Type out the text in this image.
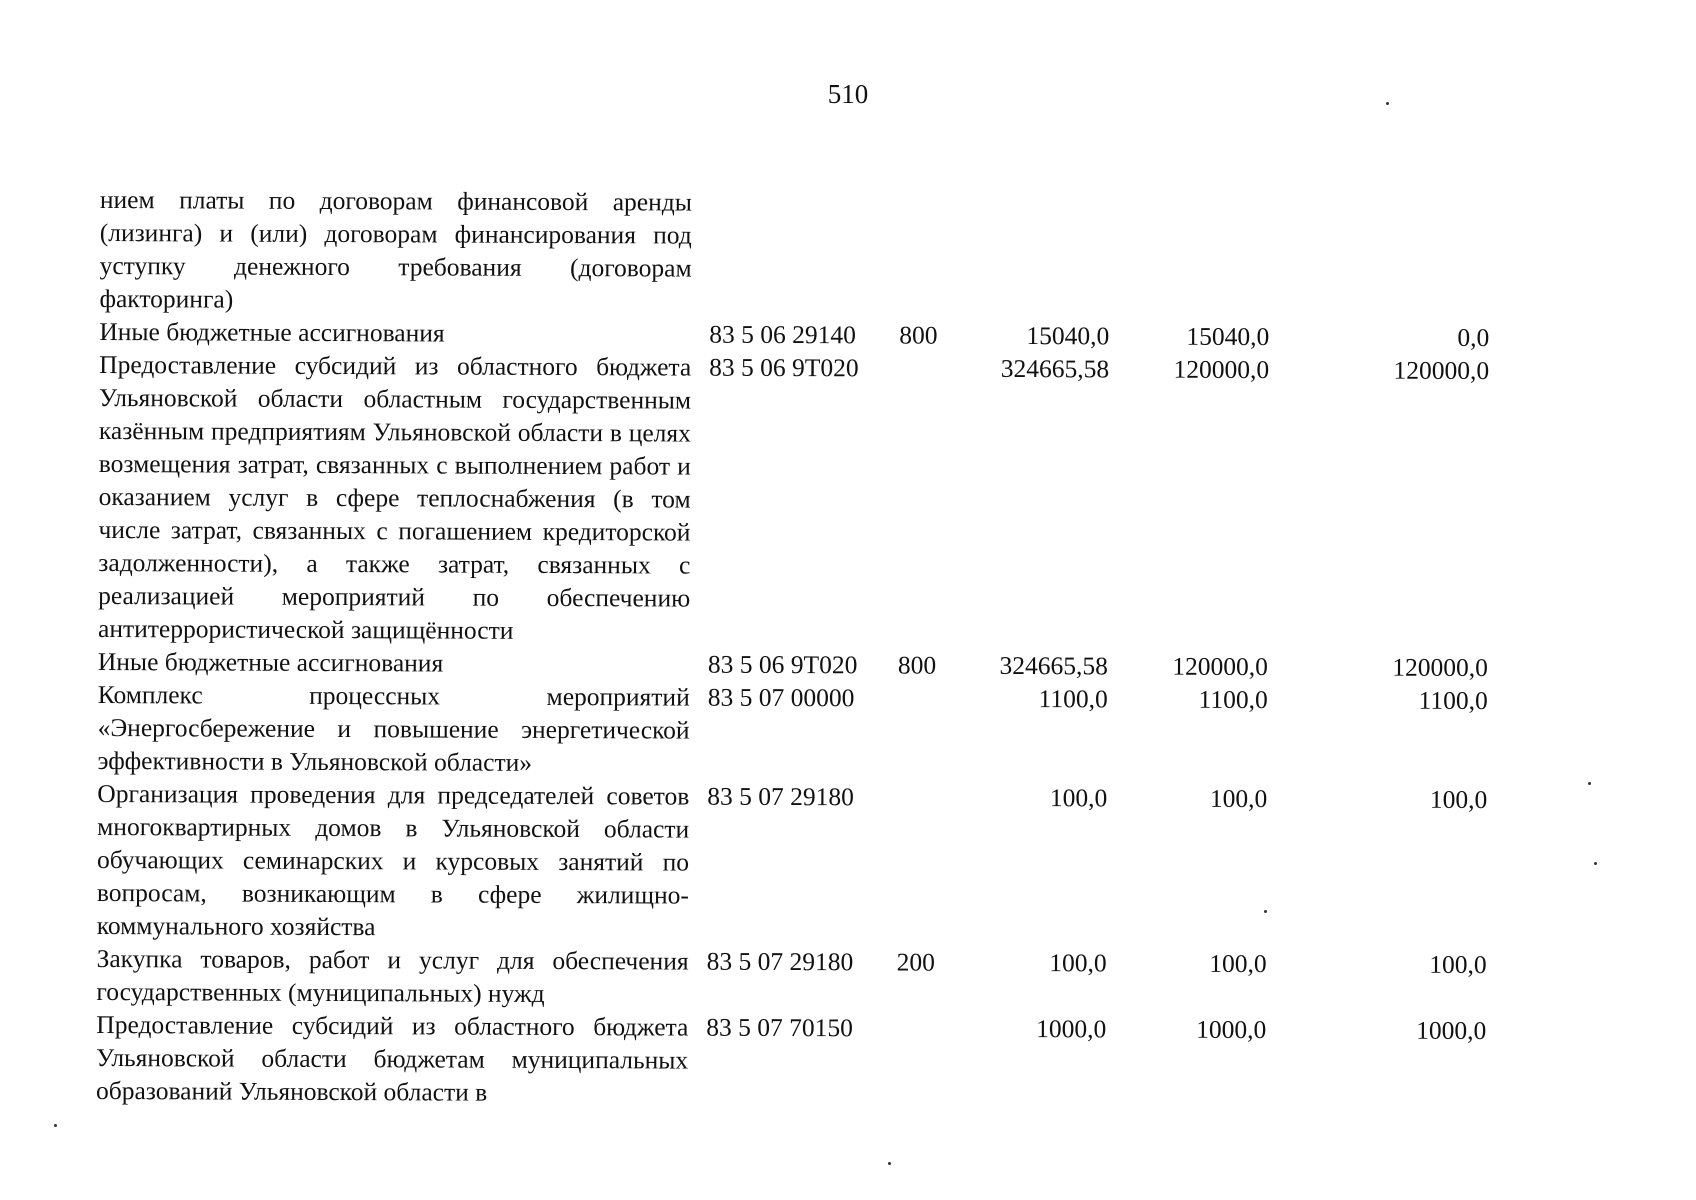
510
нием платы по договорам финансовой аренды (лизинга) и (или) договорам финансирования под уступку денежного требования (договорам факторинга)					
Иные бюджетные ассигнования	83 5 06 29140	800	15040,0	15040,0	0,0
Предоставление субсидий из областного бюджета Ульяновской области областным государственным казённым предприятиям Ульяновской области в целях возмещения затрат, связанных с выполнением работ и оказанием услуг в сфере теплоснабжения (в том числе затрат, связанных с погашением кредиторской задолженности), а также затрат, связанных с реализацией мероприятий по обеспечению антитеррористической защищённости	83 5 06 9Т020		324665,58	120000,0	120000,0
Иные бюджетные ассигнования	83 5 06 9Т020	800	324665,58	120000,0	120000,0
Комплекс процессных мероприятий «Энергосбережение и повышение энергетической эффективности в Ульяновской области»	83 5 07 00000		1100,0	1100,0	1100,0
Организация проведения для председателей советов многоквартирных домов в Ульяновской области обучающих семинарских и курсовых занятий по вопросам, возникающим в сфере жилищно-коммунального хозяйства	83 5 07 29180		100,0	100,0	100,0
Закупка товаров, работ и услуг для обеспечения государственных (муниципальных) нужд	83 5 07 29180	200	100,0	100,0	100,0
Предоставление субсидий из областного бюджета Ульяновской области бюджетам муниципальных образований Ульяновской области в	83 5 07 70150		1000,0	1000,0	1000,0
